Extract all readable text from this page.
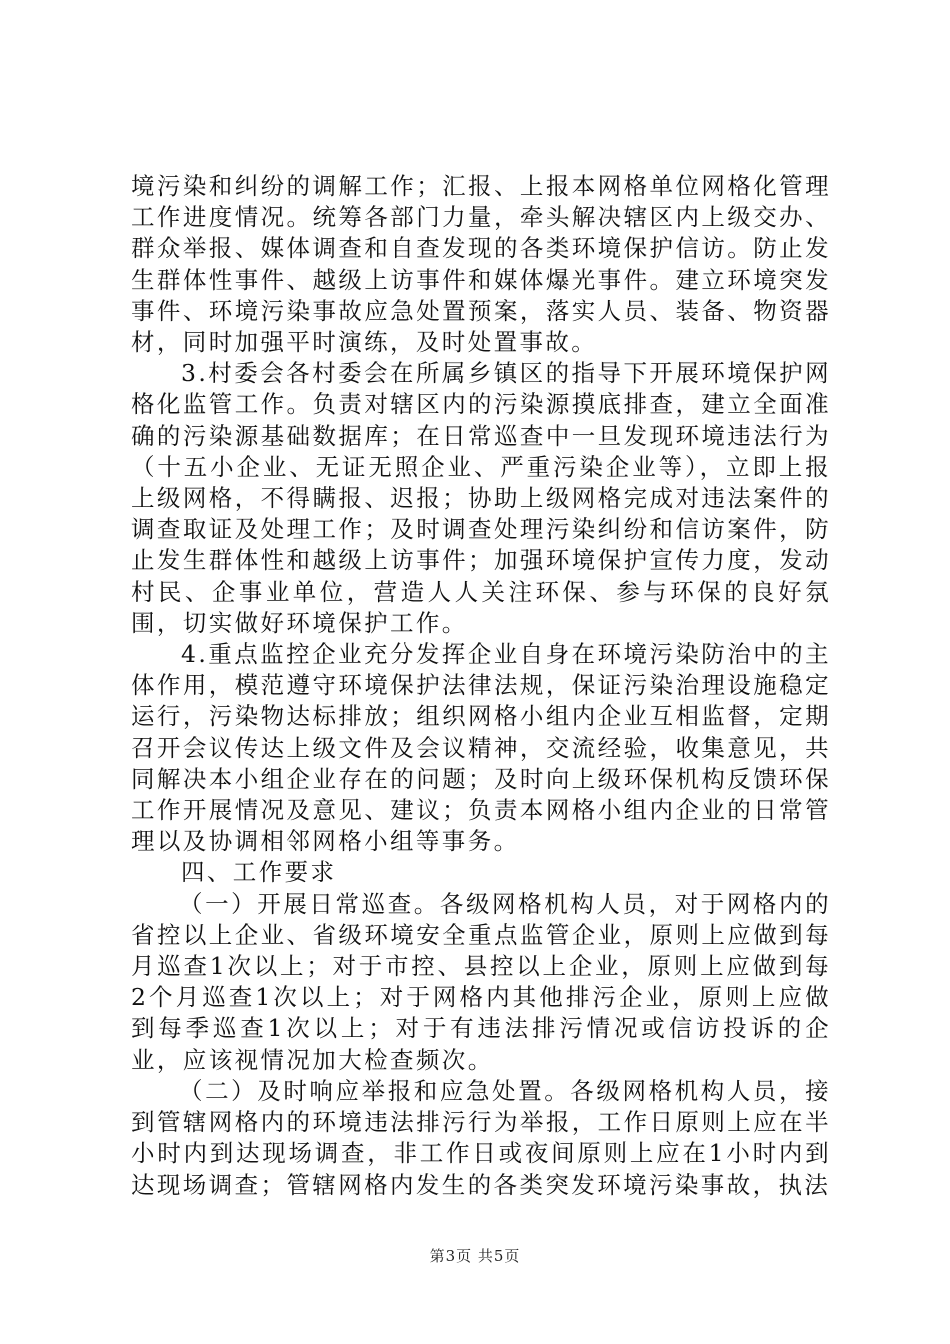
境污染和纠纷的调解工作；汇报、上报本网格单位网格化管理工作进度情况。统筹各部门力量，牵头解决辖区内上级交办、群众举报、媒体调查和自查发现的各类环境保护信访。防止发生群体性事件、越级上访事件和媒体爆光事件。建立环境突发事件、环境污染事故应急处置预案，落实人员、装备、物资器材，同时加强平时演练，及时处置事故。

3.村委会各村委会在所属乡镇区的指导下开展环境保护网格化监管工作。负责对辖区内的污染源摸底排查，建立全面准确的污染源基础数据库；在日常巡查中一旦发现环境违法行为（十五小企业、无证无照企业、严重污染企业等），立即上报上级网格，不得瞒报、迟报；协助上级网格完成对违法案件的调查取证及处理工作；及时调查处理污染纠纷和信访案件，防止发生群体性和越级上访事件；加强环境保护宣传力度，发动村民、企事业单位，营造人人关注环保、参与环保的良好氛围，切实做好环境保护工作。

4.重点监控企业充分发挥企业自身在环境污染防治中的主体作用，模范遵守环境保护法律法规，保证污染治理设施稳定运行，污染物达标排放；组织网格小组内企业互相监督，定期召开会议传达上级文件及会议精神，交流经验，收集意见，共同解决本小组企业存在的问题；及时向上级环保机构反馈环保工作开展情况及意见、建议；负责本网格小组内企业的日常管理以及协调相邻网格小组等事务。

四、工作要求

（一）开展日常巡查。各级网格机构人员，对于网格内的省控以上企业、省级环境安全重点监管企业，原则上应做到每月巡查1次以上；对于市控、县控以上企业，原则上应做到每2个月巡查1次以上；对于网格内其他排污企业，原则上应做到每季巡查1次以上；对于有违法排污情况或信访投诉的企业，应该视情况加大检查频次。

（二）及时响应举报和应急处置。各级网格机构人员，接到管辖网格内的环境违法排污行为举报，工作日原则上应在半小时内到达现场调查，非工作日或夜间原则上应在1小时内到达现场调查；管辖网格内发生的各类突发环境污染事故，执法

第3页 共5页
